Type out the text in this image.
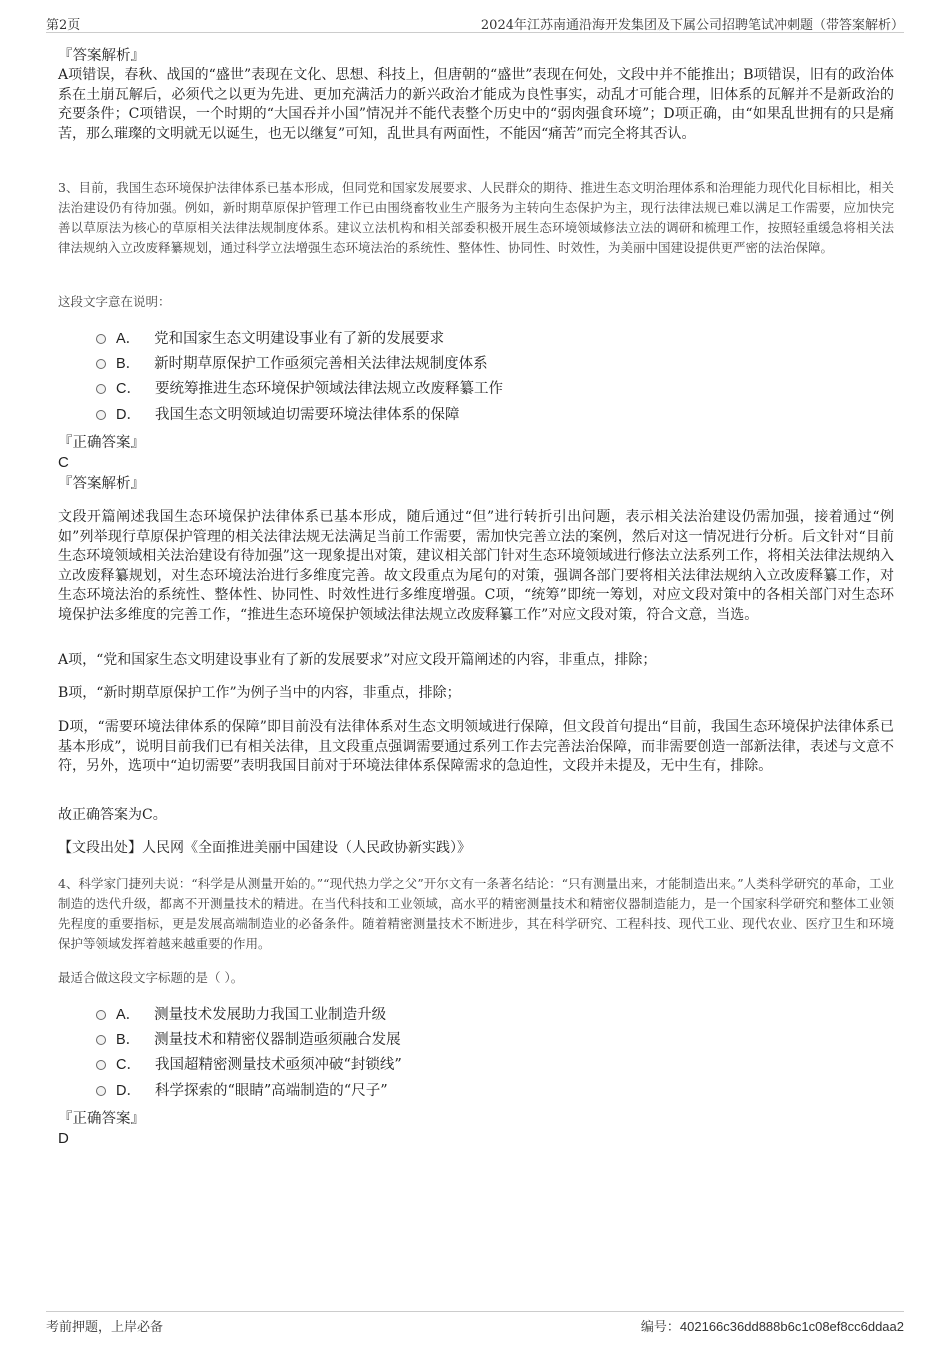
第2页	2024年江苏南通沿海开发集团及下属公司招聘笔试冲刺题（带答案解析）
『答案解析』

A项错误，春秋、战国的“盛世”表现在文化、思想、科技上，但唐朝的“盛世”表现在何处，文段中并不能推出；B项错误，旧有的政治体系在土崩瓦解后，必须代之以更为先进、更加充满活力的新兴政治才能成为良性事实，动乱才可能合理，旧体系的瓦解并不是新政治的充要条件；C项错误，一个时期的“大国吞并小国”情况并不能代表整个历史中的“弱肉强食环境”；D项正确，由“如果乱世拥有的只是痛苦，那么璀璨的文明就无以诞生，也无以继复”可知，乱世具有两面性，不能因“痛苦”而完全将其否认。

3、目前，我国生态环境保护法律体系已基本形成，但同党和国家发展要求、人民群众的期待、推进生态文明治理体系和治理能力现代化目标相比，相关法治建设仍有待加强。例如，新时期草原保护管理工作已由围绕畜牧业生产服务为主转向生态保护为主，现行法律法规已难以满足工作需要，应加快完善以草原法为核心的草原相关法律法规制度体系。建议立法机构和相关部委积极开展生态环境领域修法立法的调研和梳理工作，按照轻重缓急将相关法律法规纳入立改废释纂规划，通过科学立法增强生态环境法治的系统性、整体性、协同性、时效性，为美丽中国建设提供更严密的法治保障。

这段文字意在说明：
A． 党和国家生态文明建设事业有了新的发展要求
B． 新时期草原保护工作亟须完善相关法律法规制度体系
C． 要统筹推进生态环境保护领域法律法规立改废释纂工作
D． 我国生态文明领域迫切需要环境法律体系的保障
『正确答案』
C
『答案解析』

文段开篇阐述我国生态环境保护法律体系已基本形成，随后通过“但”进行转折引出问题，表示相关法治建设仍需加强，接着通过“例如”列举现行草原保护管理的相关法律法规无法满足当前工作需要，需加快完善立法的案例，然后对这一情况进行分析。后文针对“目前生态环境领域相关法治建设有待加强”这一现象提出对策，建议相关部门针对生态环境领域进行修法立法系列工作，将相关法律法规纳入立改废释纂规划，对生态环境法治进行多维度完善。故文段重点为尾句的对策，强调各部门要将相关法律法规纳入立改废释纂工作，对生态环境法治的系统性、整体性、协同性、时效性进行多维度增强。C项，“统筹”即统一筹划，对应文段对策中的各相关部门对生态环境保护法多维度的完善工作，“推进生态环境保护领域法律法规立改废释纂工作”对应文段对策，符合文意，当选。

A项，“党和国家生态文明建设事业有了新的发展要求”对应文段开篇阐述的内容，非重点，排除；

B项，“新时期草原保护工作”为例子当中的内容，非重点，排除；

D项，“需要环境法律体系的保障”即目前没有法律体系对生态文明领域进行保障，但文段首句提出“目前，我国生态环境保护法律体系已基本形成”，说明目前我们已有相关法律，且文段重点强调需要通过系列工作去完善法治保障，而非需要创造一部新法律，表述与文意不符，另外，选项中“迫切需要”表明我国目前对于环境法律体系保障需求的急迫性，文段并未提及，无中生有，排除。

故正确答案为C。

【文段出处】人民网《全面推进美丽中国建设（人民政协新实践）》

4、科学家门捷列夫说：“科学是从测量开始的。”“现代热力学之父”开尔文有一条著名结论：“只有测量出来，才能制造出来。”人类科学研究的革命，工业制造的迭代升级，都离不开测量技术的精进。在当代科技和工业领域，高水平的精密测量技术和精密仪器制造能力，是一个国家科学研究和整体工业领先程度的重要指标，更是发展高端制造业的必备条件。随着精密测量技术不断进步，其在科学研究、工程科技、现代工业、现代农业、医疗卫生和环境保护等领域发挥着越来越重要的作用。

最适合做这段文字标题的是（ ）。
A． 测量技术发展助力我国工业制造升级
B． 测量技术和精密仪器制造亟须融合发展
C． 我国超精密测量技术亟须冲破“封锁线”
D． 科学探索的“眼睛”高端制造的“尺子”
『正确答案』
D
考前押题，上岸必备	编号：402166c36dd888b6c1c08ef8cc6ddaa2
